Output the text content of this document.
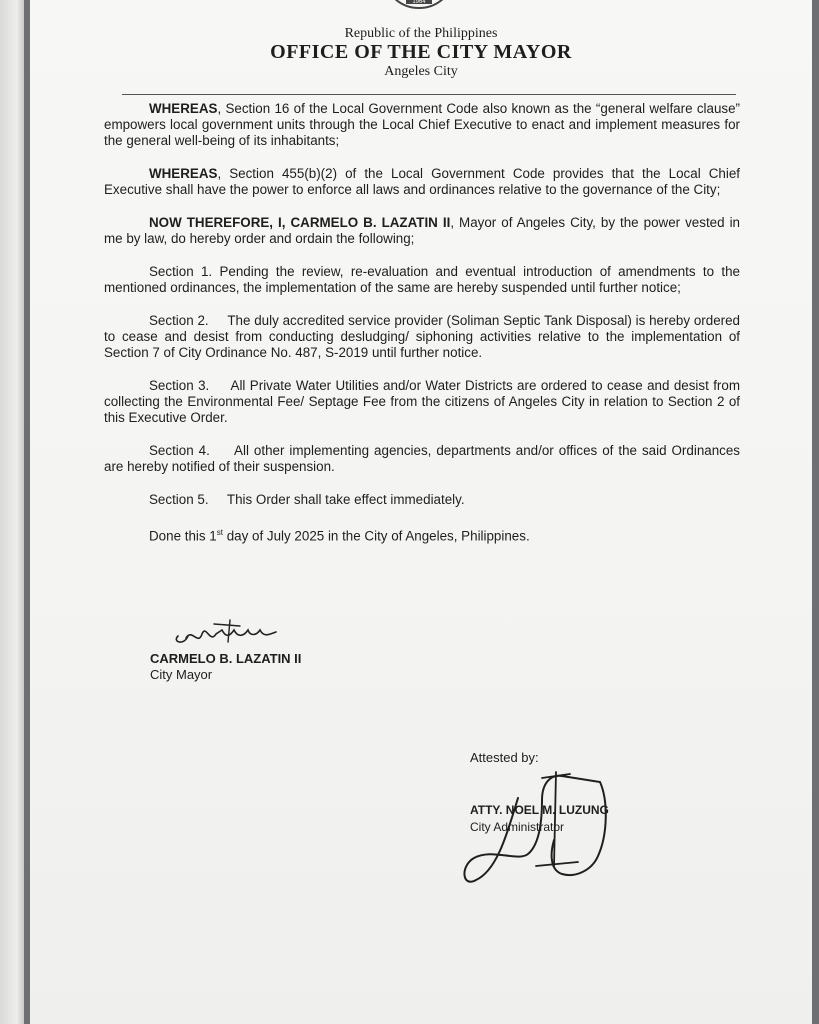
1964
Republic of the Philippines
OFFICE OF THE CITY MAYOR
Angeles City

WHEREAS, Section 16 of the Local Government Code also known as the “general welfare clause” empowers local government units through the Local Chief Executive to enact and implement measures for the general well-being of its inhabitants;

WHEREAS, Section 455(b)(2) of the Local Government Code provides that the Local Chief Executive shall have the power to enforce all laws and ordinances relative to the governance of the City;

NOW THEREFORE, I, CARMELO B. LAZATIN II, Mayor of Angeles City, by the power vested in me by law, do hereby order and ordain the following;

Section 1. Pending the review, re-evaluation and eventual introduction of amendments to the mentioned ordinances, the implementation of the same are hereby suspended until further notice;

Section 2.     The duly accredited service provider (Soliman Septic Tank Disposal) is hereby ordered to cease and desist from conducting desludging/ siphoning activities relative to the implementation of Section 7 of City Ordinance No. 487, S-2019 until further notice.

Section 3.     All Private Water Utilities and/or Water Districts are ordered to cease and desist from collecting the Environmental Fee/ Septage Fee from the citizens of Angeles City in relation to Section 2 of this Executive Order.

Section 4.     All other implementing agencies, departments and/or offices of the said Ordinances are hereby notified of their suspension.

Section 5.     This Order shall take effect immediately.

Done this 1st day of July 2025 in the City of Angeles, Philippines.

CARMELO B. LAZATIN II
City Mayor
Attested by:
ATTY. NOEL M. LUZUNG
City Administrator
